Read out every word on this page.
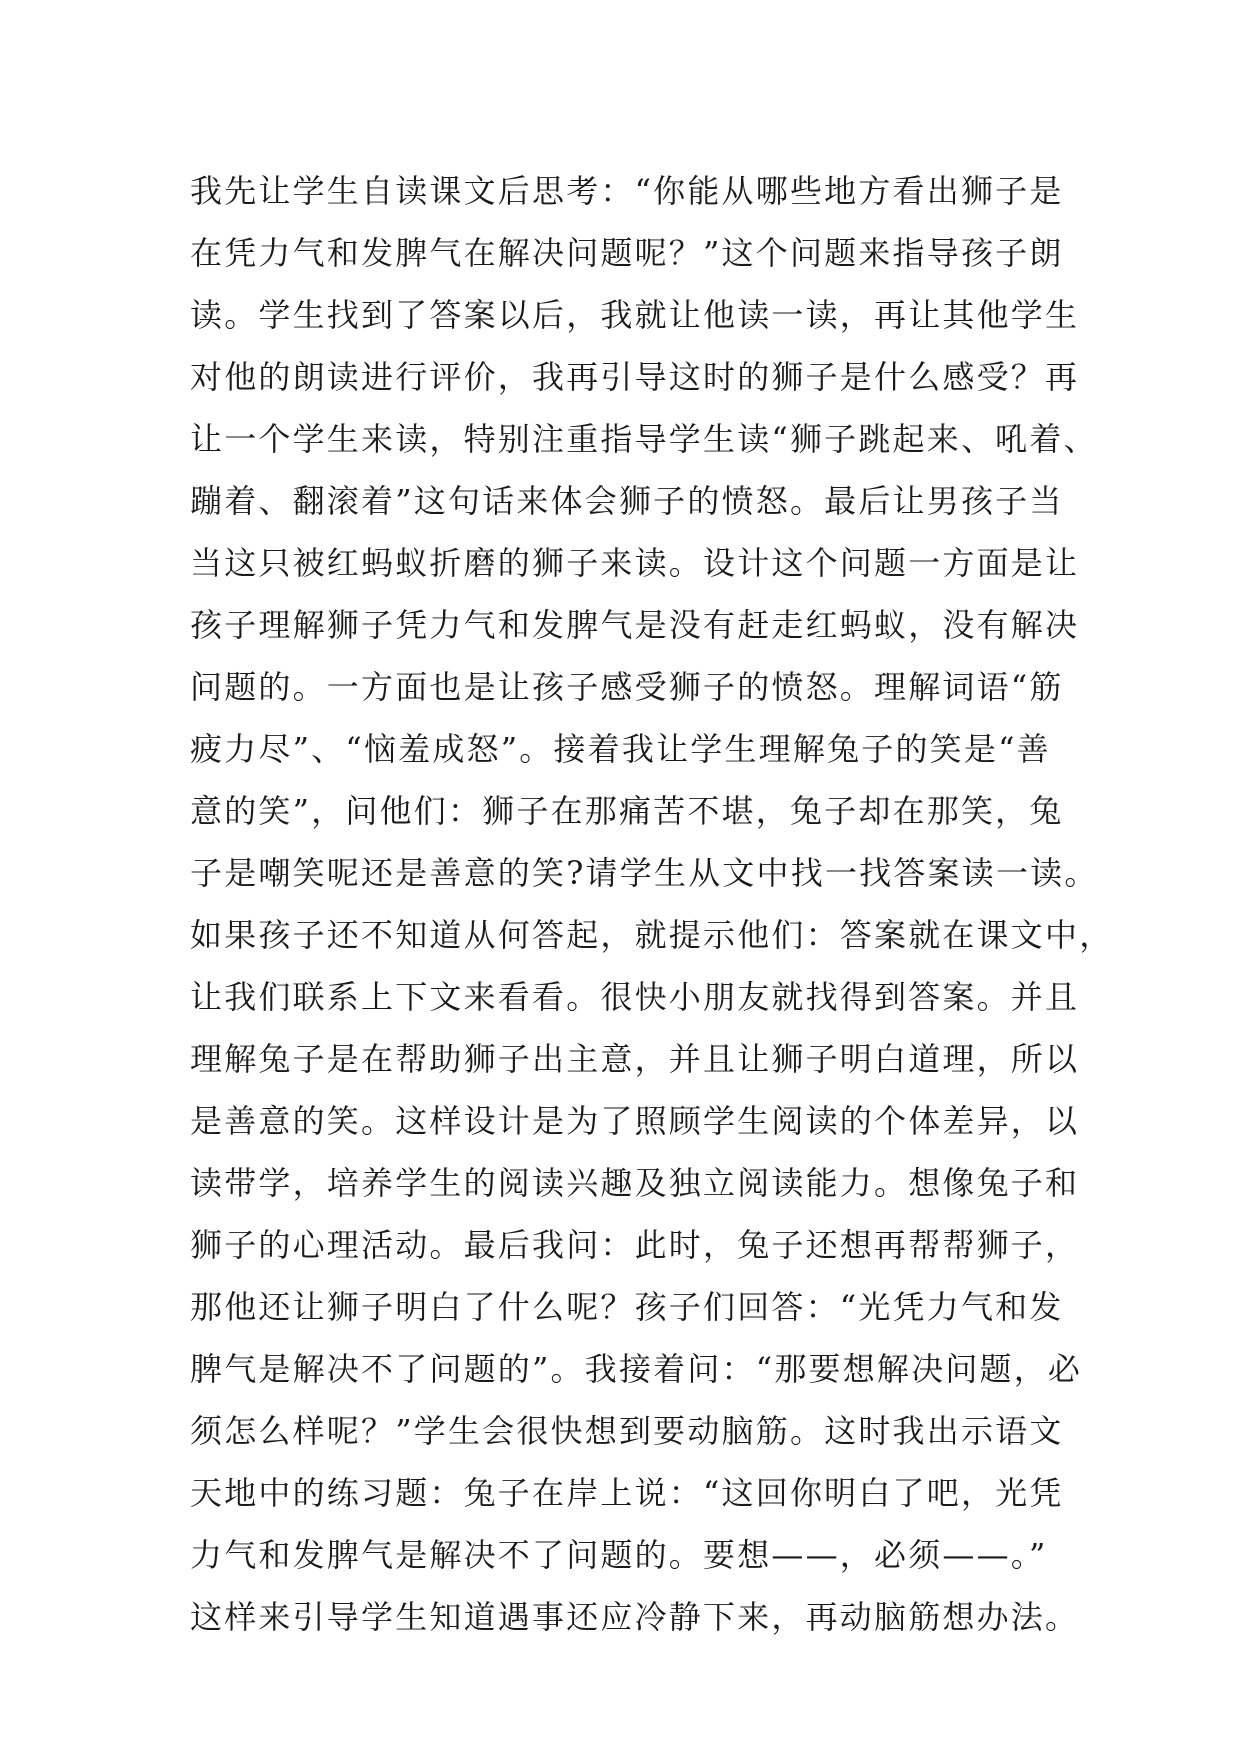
我先让学生自读课文后思考：“你能从哪些地方看出狮子是
在凭力气和发脾气在解决问题呢？”这个问题来指导孩子朗
读。学生找到了答案以后，我就让他读一读，再让其他学生
对他的朗读进行评价，我再引导这时的狮子是什么感受？再
让一个学生来读，特别注重指导学生读“狮子跳起来、吼着、
蹦着、翻滚着”这句话来体会狮子的愤怒。最后让男孩子当
当这只被红蚂蚁折磨的狮子来读。设计这个问题一方面是让
孩子理解狮子凭力气和发脾气是没有赶走红蚂蚁，没有解决
问题的。一方面也是让孩子感受狮子的愤怒。理解词语“筋
疲力尽”、“恼羞成怒”。接着我让学生理解兔子的笑是“善
意的笑”，问他们：狮子在那痛苦不堪，兔子却在那笑，兔
子是嘲笑呢还是善意的笑?请学生从文中找一找答案读一读。
如果孩子还不知道从何答起，就提示他们：答案就在课文中，
让我们联系上下文来看看。很快小朋友就找得到答案。并且
理解兔子是在帮助狮子出主意，并且让狮子明白道理，所以
是善意的笑。这样设计是为了照顾学生阅读的个体差异，以
读带学，培养学生的阅读兴趣及独立阅读能力。想像兔子和
狮子的心理活动。最后我问：此时，兔子还想再帮帮狮子，
那他还让狮子明白了什么呢？孩子们回答：“光凭力气和发
脾气是解决不了问题的”。我接着问：“那要想解决问题，必
须怎么样呢？”学生会很快想到要动脑筋。这时我出示语文
天地中的练习题：兔子在岸上说：“这回你明白了吧，光凭
力气和发脾气是解决不了问题的。要想——，必须——。”
这样来引导学生知道遇事还应冷静下来，再动脑筋想办法。
